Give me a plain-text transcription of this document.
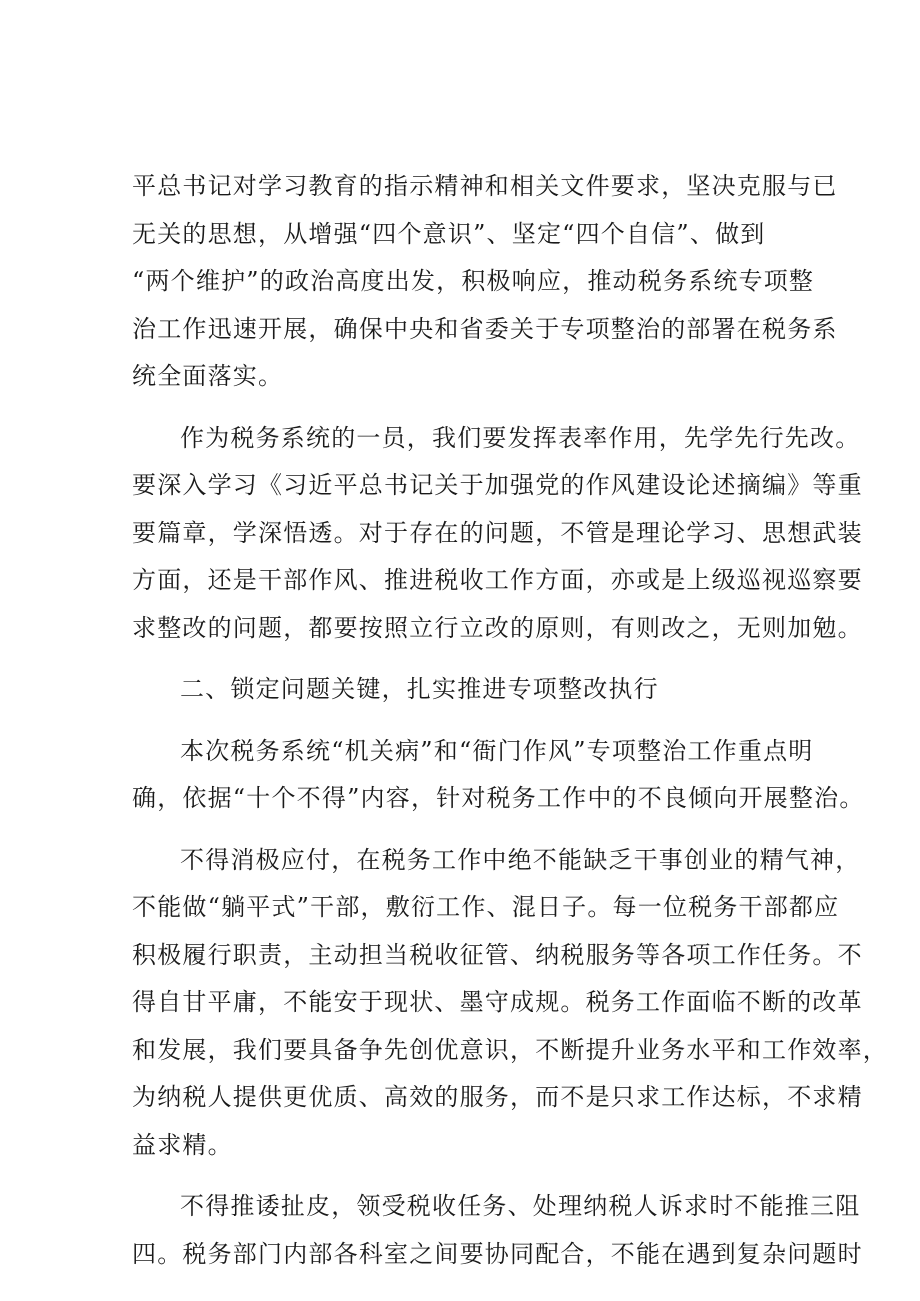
平总书记对学习教育的指示精神和相关文件要求，坚决克服与已
无关的思想，从增强“四个意识”、坚定“四个自信”、做到
“两个维护”的政治高度出发，积极响应，推动税务系统专项整
治工作迅速开展，确保中央和省委关于专项整治的部署在税务系
统全面落实。
作为税务系统的一员，我们要发挥表率作用，先学先行先改。
要深入学习《习近平总书记关于加强党的作风建设论述摘编》等重
要篇章，学深悟透。对于存在的问题，不管是理论学习、思想武装
方面，还是干部作风、推进税收工作方面，亦或是上级巡视巡察要
求整改的问题，都要按照立行立改的原则，有则改之，无则加勉。
二、锁定问题关键，扎实推进专项整改执行
本次税务系统“机关病”和“衙门作风”专项整治工作重点明
确，依据“十个不得”内容，针对税务工作中的不良倾向开展整治。
不得消极应付，在税务工作中绝不能缺乏干事创业的精气神，
不能做“躺平式”干部，敷衍工作、混日子。每一位税务干部都应
积极履行职责，主动担当税收征管、纳税服务等各项工作任务。不
得自甘平庸，不能安于现状、墨守成规。税务工作面临不断的改革
和发展，我们要具备争先创优意识，不断提升业务水平和工作效率，
为纳税人提供更优质、高效的服务，而不是只求工作达标，不求精
益求精。
不得推诿扯皮，领受税收任务、处理纳税人诉求时不能推三阻
四。税务部门内部各科室之间要协同配合，不能在遇到复杂问题时
